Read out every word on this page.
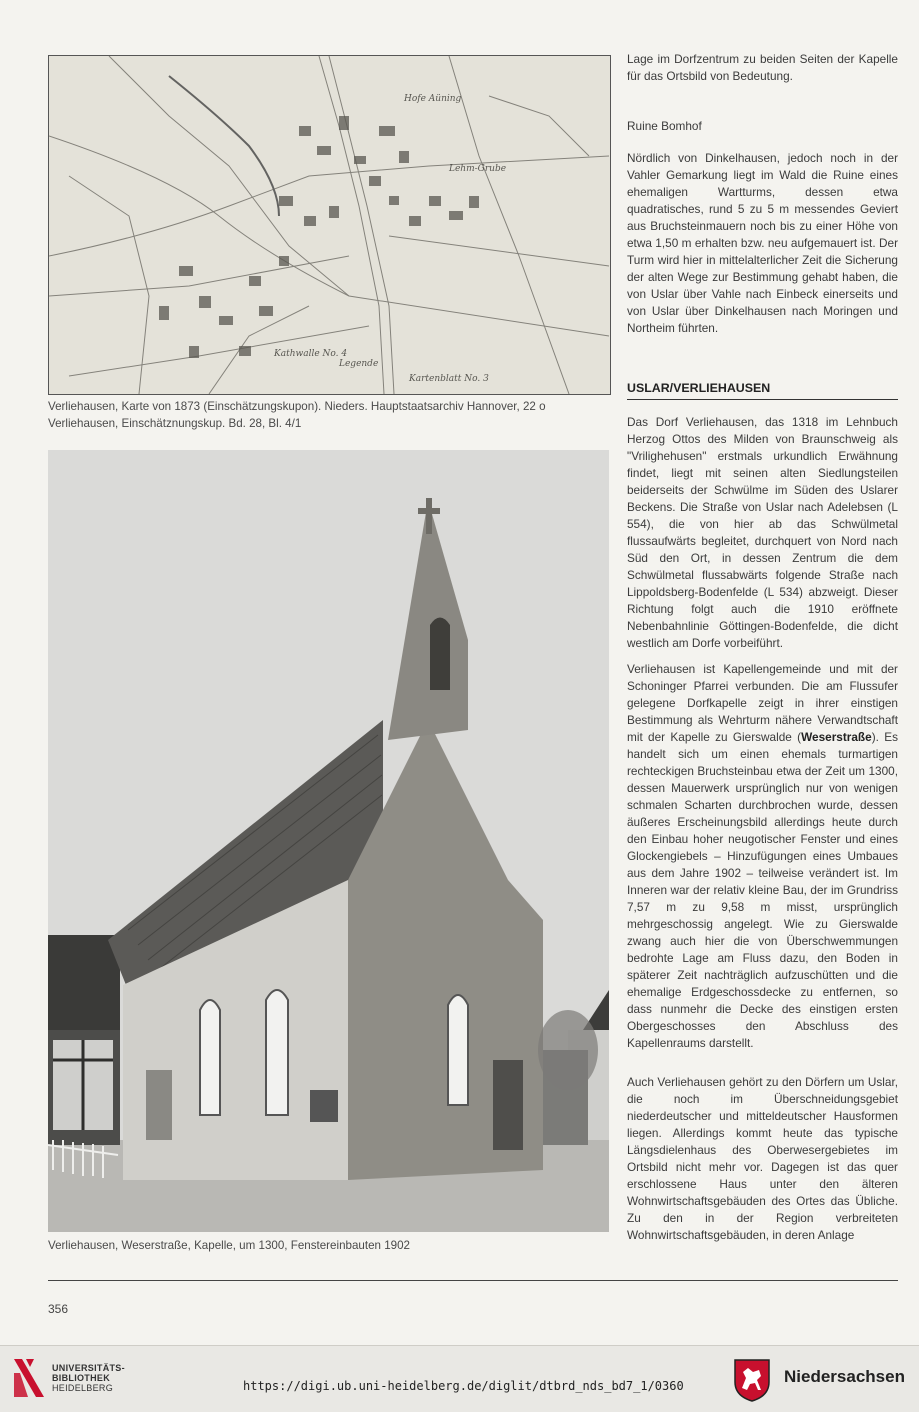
Hofe Aüning
Kathwalle No. 4
Kartenblatt No. 3
Lehm-Grube
Legende
Verliehausen, Karte von 1873 (Einschätzungskupon). Nieders. Hauptstaatsarchiv Hannover, 22 o Verliehausen, Einschätznungskup. Bd. 28, Bl. 4/1
Verliehausen, Weserstraße, Kapelle, um 1300, Fenstereinbauten 1902

Lage im Dorfzentrum zu beiden Seiten der Kapelle für das Ortsbild von Bedeutung.

Ruine Bomhof

Nördlich von Dinkelhausen, jedoch noch in der Vahler Gemarkung liegt im Wald die Ruine eines ehemaligen Wartturms, dessen etwa quadratisches, rund 5 zu 5 m messendes Geviert aus Bruchsteinmauern noch bis zu einer Höhe von etwa 1,50 m erhalten bzw. neu aufgemauert ist. Der Turm wird hier in mittelalterlicher Zeit die Sicherung der alten Wege zur Bestimmung gehabt haben, die von Uslar über Vahle nach Einbeck einerseits und von Uslar über Dinkelhausen nach Moringen und Northeim führten.

USLAR/VERLIEHAUSEN

Das Dorf Verliehausen, das 1318 im Lehnbuch Herzog Ottos des Milden von Braunschweig als "Vrilighehusen" erstmals urkundlich Erwähnung findet, liegt mit seinen alten Siedlungsteilen beiderseits der Schwülme im Süden des Uslarer Beckens. Die Straße von Uslar nach Adelebsen (L 554), die von hier ab das Schwülmetal flussaufwärts begleitet, durchquert von Nord nach Süd den Ort, in dessen Zentrum die dem Schwülmetal flussabwärts folgende Straße nach Lippoldsberg-Bodenfelde (L 534) abzweigt. Dieser Richtung folgt auch die 1910 eröffnete Nebenbahnlinie Göttingen-Bodenfelde, die dicht westlich am Dorfe vorbeiführt.

Verliehausen ist Kapellengemeinde und mit der Schoninger Pfarrei verbunden. Die am Flussufer gelegene Dorfkapelle zeigt in ihrer einstigen Bestimmung als Wehrturm nähere Verwandtschaft mit der Kapelle zu Gierswalde (Weserstraße). Es handelt sich um einen ehemals turmartigen rechteckigen Bruchsteinbau etwa der Zeit um 1300, dessen Mauerwerk ursprünglich nur von wenigen schmalen Scharten durchbrochen wurde, dessen äußeres Erscheinungsbild allerdings heute durch den Einbau hoher neugotischer Fenster und eines Glockengiebels – Hinzufügungen eines Umbaues aus dem Jahre 1902 – teilweise verändert ist. Im Inneren war der relativ kleine Bau, der im Grundriss 7,57 m zu 9,58 m misst, ursprünglich mehrgeschossig angelegt. Wie zu Gierswalde zwang auch hier die von Überschwemmungen bedrohte Lage am Fluss dazu, den Boden in späterer Zeit nachträglich aufzuschütten und die ehemalige Erdgeschossdecke zu entfernen, so dass nunmehr die Decke des einstigen ersten Obergeschosses den Abschluss des Kapellenraums darstellt.

Auch Verliehausen gehört zu den Dörfern um Uslar, die noch im Überschneidungsgebiet niederdeutscher und mitteldeutscher Hausformen liegen. Allerdings kommt heute das typische Längsdielenhaus des Oberwesergebietes im Ortsbild nicht mehr vor. Dagegen ist das quer erschlossene Haus unter den älteren Wohnwirtschaftsgebäuden des Ortes das Übliche. Zu den in der Region verbreiteten Wohnwirtschaftsgebäuden, in deren Anlage

356
UNIVERSITÄTS-
BIBLIOTHEK
HEIDELBERG	https://digi.ub.uni-heidelberg.de/diglit/dtbrd_nds_bd7_1/0360	Niedersachsen
